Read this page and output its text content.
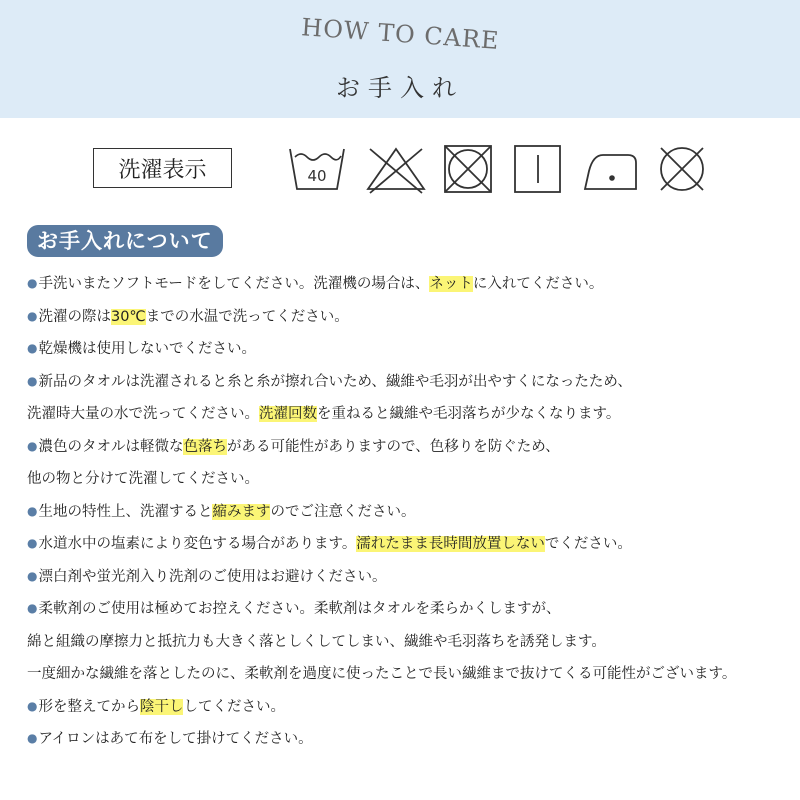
HOW TO CARE
お手入れ
洗濯表示	40
お手入れについて
●手洗いまたソフトモードをしてください。洗濯機の場合は、ネットに入れてください。
●洗濯の際は30℃までの水温で洗ってください。
●乾燥機は使用しないでください。
●新品のタオルは洗濯されると糸と糸が擦れ合いため、繊維や毛羽が出やすくになったため、
洗濯時大量の水で洗ってください。洗濯回数を重ねると繊維や毛羽落ちが少なくなります。
●濃色のタオルは軽微な色落ちがある可能性がありますので、色移りを防ぐため、
他の物と分けて洗濯してください。
●生地の特性上、洗濯すると縮みますのでご注意ください。
●水道水中の塩素により変色する場合があります。濡れたまま長時間放置しないでください。
●漂白剤や蛍光剤入り洗剤のご使用はお避けください。
●柔軟剤のご使用は極めてお控えください。柔軟剤はタオルを柔らかくしますが、
綿と組織の摩擦力と抵抗力も大きく落としくしてしまい、繊維や毛羽落ちを誘発します。
一度細かな繊維を落としたのに、柔軟剤を過度に使ったことで長い繊維まで抜けてくる可能性がございます。
●形を整えてから陰干ししてください。
●アイロンはあて布をして掛けてください。
